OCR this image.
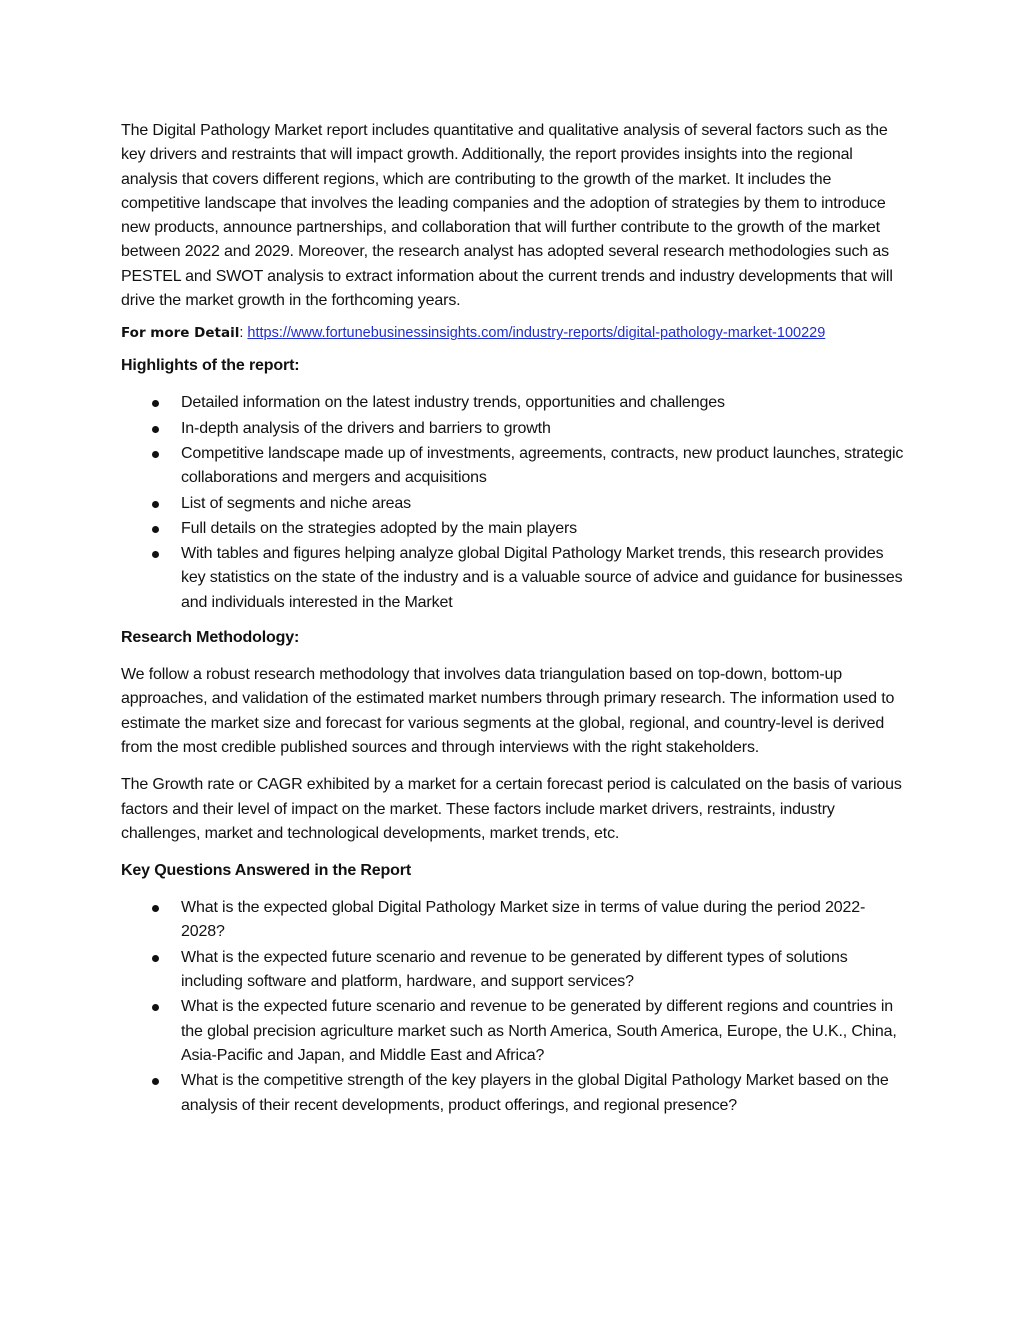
The Digital Pathology Market report includes quantitative and qualitative analysis of several factors such as the key drivers and restraints that will impact growth. Additionally, the report provides insights into the regional analysis that covers different regions, which are contributing to the growth of the market. It includes the competitive landscape that involves the leading companies and the adoption of strategies by them to introduce new products, announce partnerships, and collaboration that will further contribute to the growth of the market between 2022 and 2029. Moreover, the research analyst has adopted several research methodologies such as PESTEL and SWOT analysis to extract information about the current trends and industry developments that will drive the market growth in the forthcoming years.

For more Detail: https://www.fortunebusinessinsights.com/industry-reports/digital-pathology-market-100229

Highlights of the report:
Detailed information on the latest industry trends, opportunities and challenges
In-depth analysis of the drivers and barriers to growth
Competitive landscape made up of investments, agreements, contracts, new product launches, strategic collaborations and mergers and acquisitions
List of segments and niche areas
Full details on the strategies adopted by the main players
With tables and figures helping analyze global Digital Pathology Market trends, this research provides key statistics on the state of the industry and is a valuable source of advice and guidance for businesses and individuals interested in the Market
Research Methodology:

We follow a robust research methodology that involves data triangulation based on top-down, bottom-up approaches, and validation of the estimated market numbers through primary research. The information used to estimate the market size and forecast for various segments at the global, regional, and country-level is derived from the most credible published sources and through interviews with the right stakeholders.

The Growth rate or CAGR exhibited by a market for a certain forecast period is calculated on the basis of various factors and their level of impact on the market. These factors include market drivers, restraints, industry challenges, market and technological developments, market trends, etc.

Key Questions Answered in the Report
What is the expected global Digital Pathology Market size in terms of value during the period 2022-2028?
What is the expected future scenario and revenue to be generated by different types of solutions including software and platform, hardware, and support services?
What is the expected future scenario and revenue to be generated by different regions and countries in the global precision agriculture market such as North America, South America, Europe, the U.K., China, Asia-Pacific and Japan, and Middle East and Africa?
What is the competitive strength of the key players in the global Digital Pathology Market based on the analysis of their recent developments, product offerings, and regional presence?
